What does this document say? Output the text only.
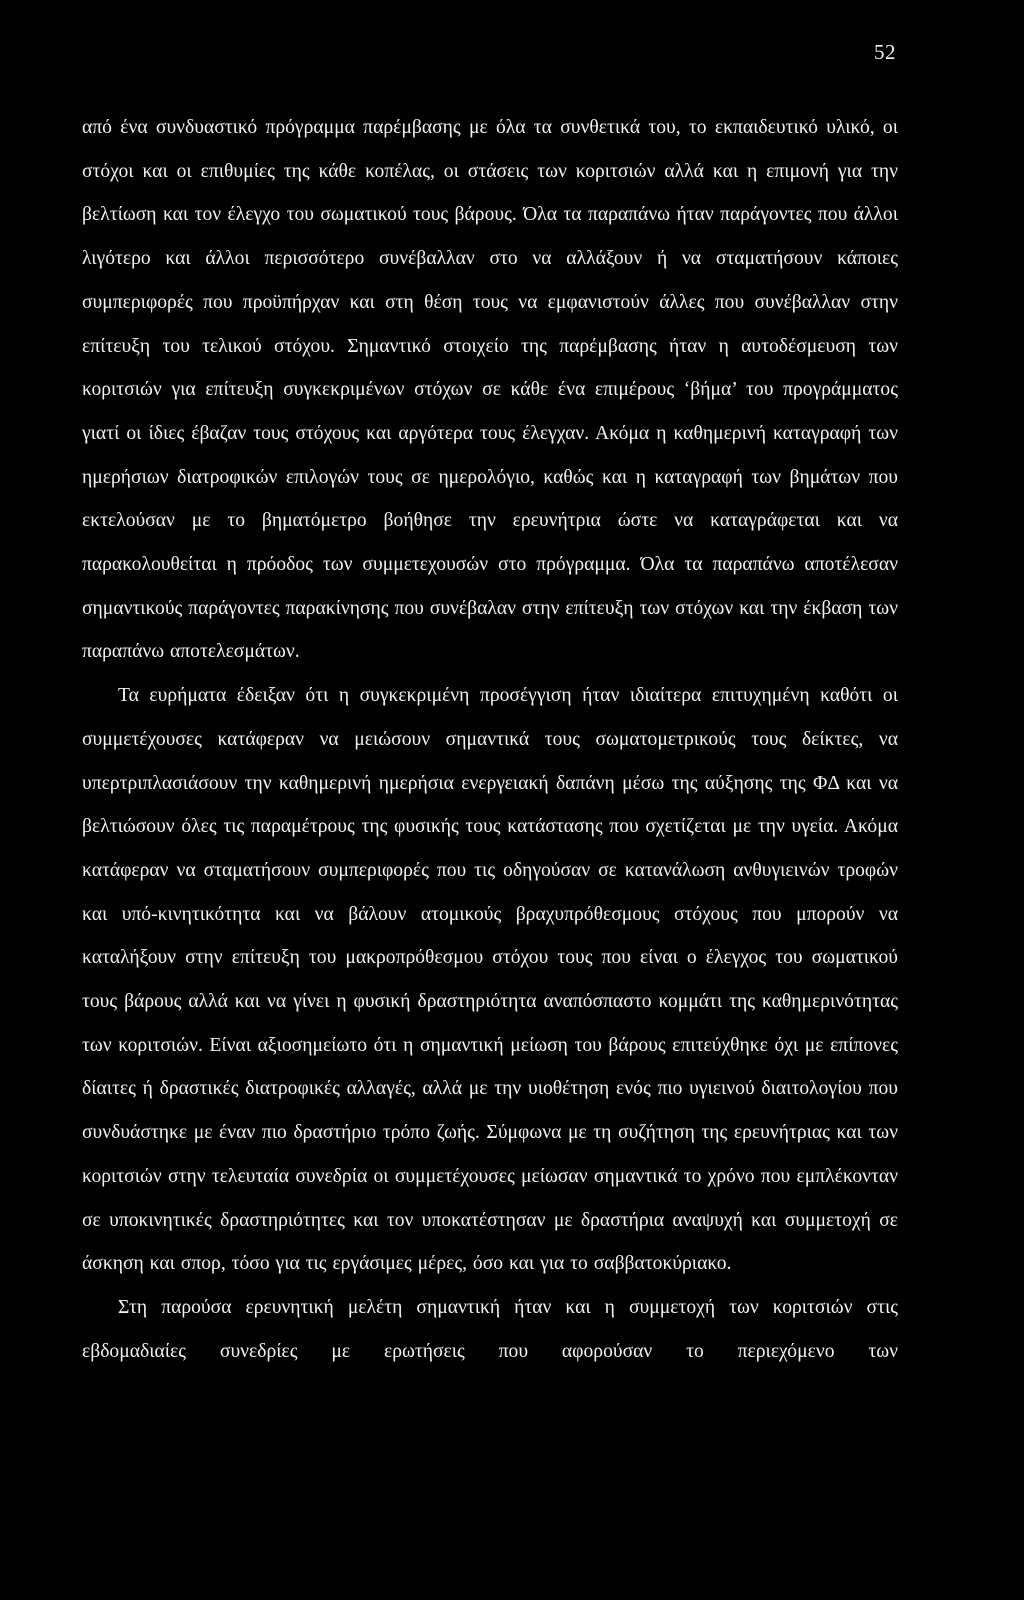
52

από ένα συνδυαστικό πρόγραμμα παρέμβασης με όλα τα συνθετικά του, το εκπαιδευτικό υλικό, οι στόχοι και οι επιθυμίες της κάθε κοπέλας, οι στάσεις των κοριτσιών αλλά και η επιμονή για την βελτίωση και τον έλεγχο του σωματικού τους βάρους. Όλα τα παραπάνω ήταν παράγοντες που άλλοι λιγότερο και άλλοι περισσότερο συνέβαλλαν στο να αλλάξουν ή να σταματήσουν κάποιες συμπεριφορές που προϋπήρχαν και στη θέση τους να εμφανιστούν άλλες που συνέβαλλαν στην επίτευξη του τελικού στόχου. Σημαντικό στοιχείο της παρέμβασης ήταν η αυτοδέσμευση των κοριτσιών για επίτευξη συγκεκριμένων στόχων σε κάθε ένα επιμέρους ‘βήμα’ του προγράμματος γιατί οι ίδιες έβαζαν τους στόχους και αργότερα τους έλεγχαν. Ακόμα η καθημερινή καταγραφή των ημερήσιων διατροφικών επιλογών τους σε ημερολόγιο, καθώς και η καταγραφή των βημάτων που εκτελούσαν με το βηματόμετρο βοήθησε την ερευνήτρια ώστε να καταγράφεται και να παρακολουθείται η πρόοδος των συμμετεχουσών στο πρόγραμμα. Όλα τα παραπάνω αποτέλεσαν σημαντικούς παράγοντες παρακίνησης που συνέβαλαν στην επίτευξη των στόχων και την έκβαση των παραπάνω αποτελεσμάτων.

Τα ευρήματα έδειξαν ότι η συγκεκριμένη προσέγγιση ήταν ιδιαίτερα επιτυχημένη καθότι οι συμμετέχουσες κατάφεραν να μειώσουν σημαντικά τους σωματομετρικούς τους δείκτες, να υπερτριπλασιάσουν την καθημερινή ημερήσια ενεργειακή δαπάνη μέσω της αύξησης της ΦΔ και να βελτιώσουν όλες τις παραμέτρους της φυσικής τους κατάστασης που σχετίζεται με την υγεία. Ακόμα κατάφεραν να σταματήσουν συμπεριφορές που τις οδηγούσαν σε κατανάλωση ανθυγιεινών τροφών και υπό-κινητικότητα και να βάλουν ατομικούς βραχυπρόθεσμους στόχους που μπορούν να καταλήξουν στην επίτευξη του μακροπρόθεσμου στόχου τους που είναι ο έλεγχος του σωματικού τους βάρους αλλά και να γίνει η φυσική δραστηριότητα αναπόσπαστο κομμάτι της καθημερινότητας των κοριτσιών. Είναι αξιοσημείωτο ότι η σημαντική μείωση του βάρους επιτεύχθηκε όχι με επίπονες δίαιτες ή δραστικές διατροφικές αλλαγές, αλλά με την υιοθέτηση ενός πιο υγιεινού διαιτολογίου που συνδυάστηκε με έναν πιο δραστήριο τρόπο ζωής. Σύμφωνα με τη συζήτηση της ερευνήτριας και των κοριτσιών στην τελευταία συνεδρία οι συμμετέχουσες μείωσαν σημαντικά το χρόνο που εμπλέκονταν σε υποκινητικές δραστηριότητες και τον υποκατέστησαν με δραστήρια αναψυχή και συμμετοχή σε άσκηση και σπορ, τόσο για τις εργάσιμες μέρες, όσο και για το σαββατοκύριακο.

Στη παρούσα ερευνητική μελέτη σημαντική ήταν και η συμμετοχή των κοριτσιών στις εβδομαδιαίες συνεδρίες με ερωτήσεις που αφορούσαν το περιεχόμενο των
